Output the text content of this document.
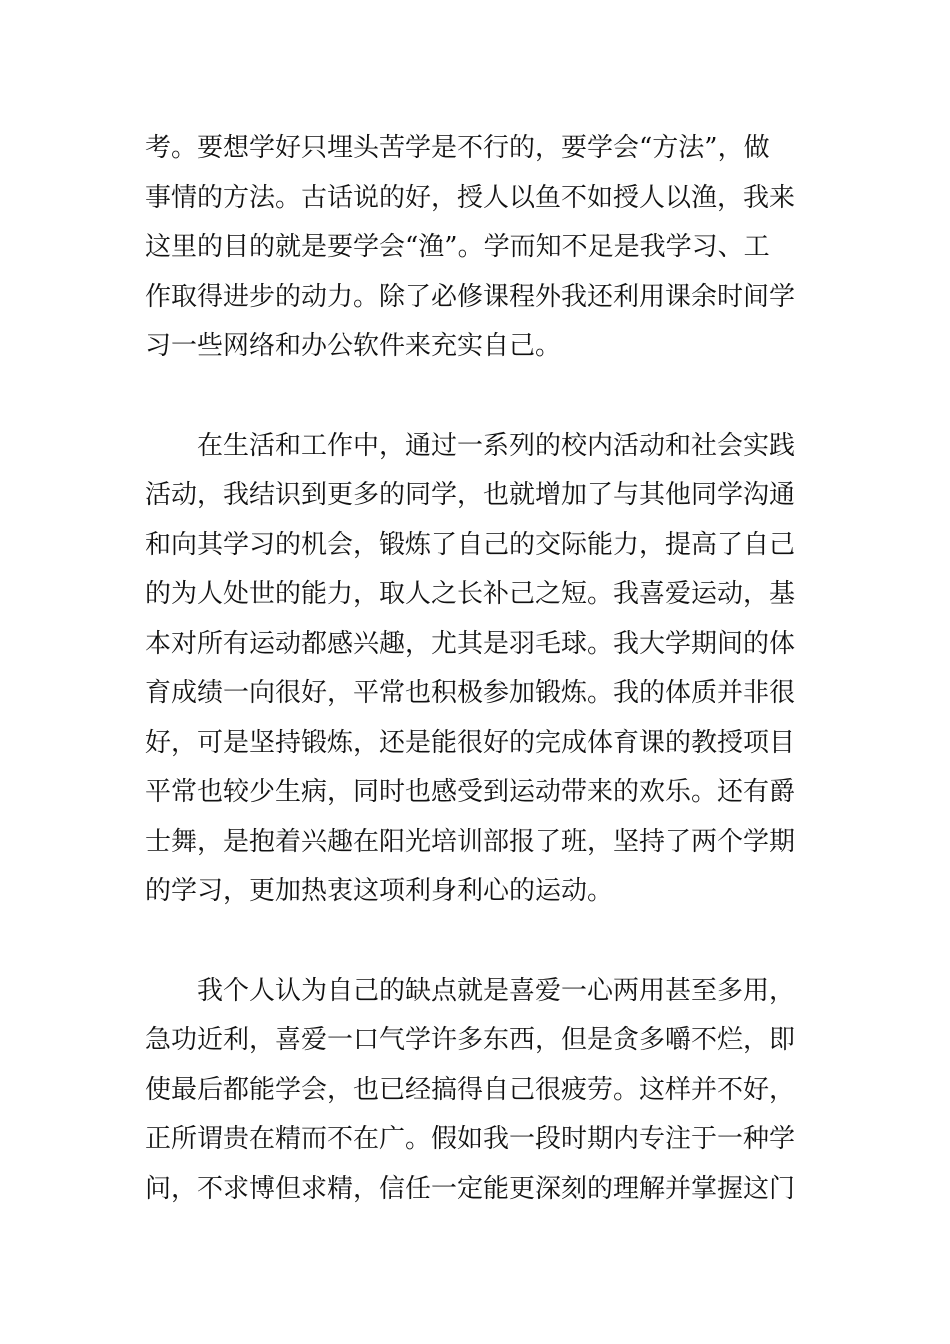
考。要想学好只埋头苦学是不行的，要学会“方法”，做
事情的方法。古话说的好，授人以鱼不如授人以渔，我来
这里的目的就是要学会“渔”。学而知不足是我学习、工
作取得进步的动力。除了必修课程外我还利用课余时间学
习一些网络和办公软件来充实自己。
在生活和工作中，通过一系列的校内活动和社会实践
活动，我结识到更多的同学，也就增加了与其他同学沟通
和向其学习的机会，锻炼了自己的交际能力，提高了自己
的为人处世的能力，取人之长补己之短。我喜爱运动，基
本对所有运动都感兴趣，尤其是羽毛球。我大学期间的体
育成绩一向很好，平常也积极参加锻炼。我的体质并非很
好，可是坚持锻炼，还是能很好的完成体育课的教授项目
平常也较少生病，同时也感受到运动带来的欢乐。还有爵
士舞，是抱着兴趣在阳光培训部报了班，坚持了两个学期
的学习，更加热衷这项利身利心的运动。
我个人认为自己的缺点就是喜爱一心两用甚至多用，
急功近利，喜爱一口气学许多东西，但是贪多嚼不烂，即
使最后都能学会，也已经搞得自己很疲劳。这样并不好，
正所谓贵在精而不在广。假如我一段时期内专注于一种学
问，不求博但求精，信任一定能更深刻的理解并掌握这门
